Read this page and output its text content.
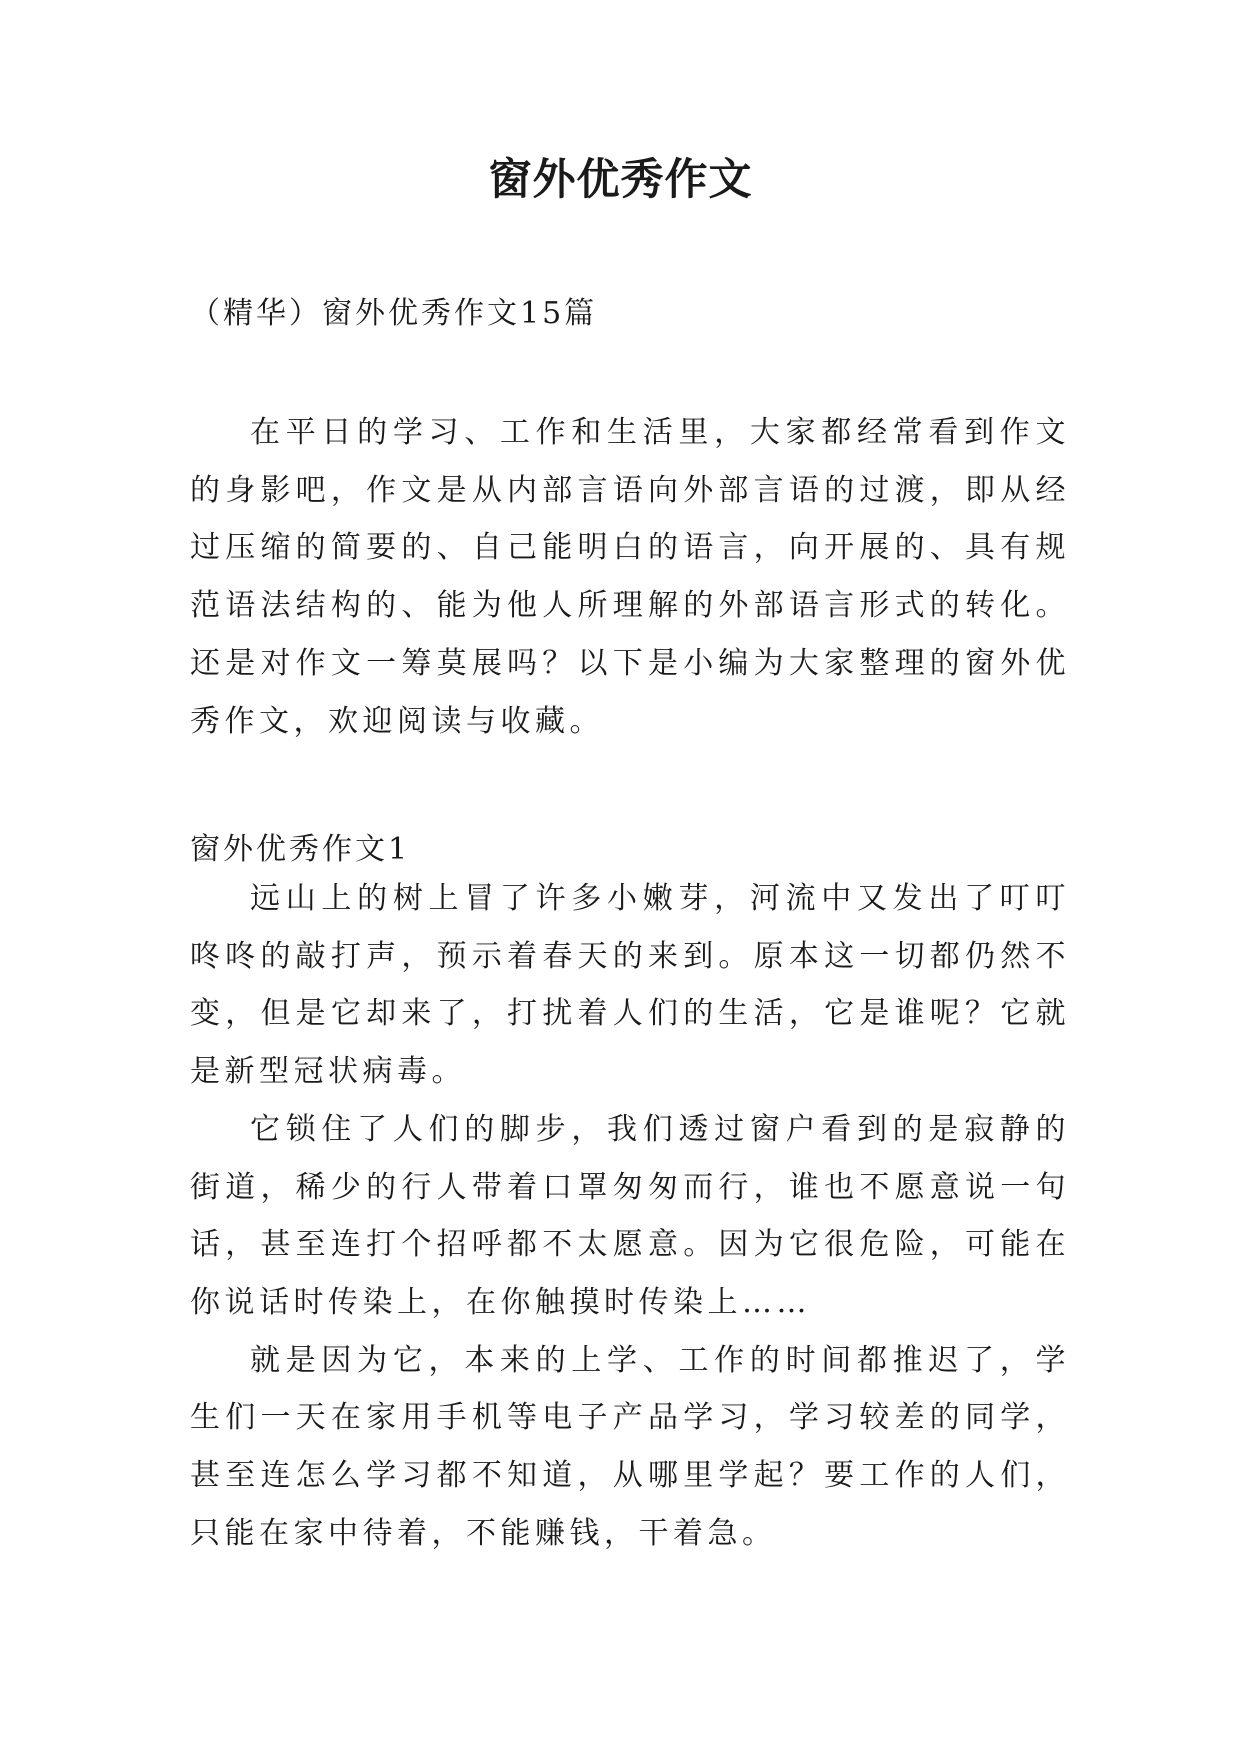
窗外优秀作文
（精华）窗外优秀作文15篇

在平日的学习、工作和生活里，大家都经常看到作文的身影吧，作文是从内部言语向外部言语的过渡，即从经过压缩的简要的、自己能明白的语言，向开展的、具有规范语法结构的、能为他人所理解的外部语言形式的转化。还是对作文一筹莫展吗？以下是小编为大家整理的窗外优秀作文，欢迎阅读与收藏。

窗外优秀作文1

远山上的树上冒了许多小嫩芽，河流中又发出了叮叮咚咚的敲打声，预示着春天的来到。原本这一切都仍然不变，但是它却来了，打扰着人们的生活，它是谁呢？它就是新型冠状病毒。

它锁住了人们的脚步，我们透过窗户看到的是寂静的街道，稀少的行人带着口罩匆匆而行，谁也不愿意说一句话，甚至连打个招呼都不太愿意。因为它很危险，可能在你说话时传染上，在你触摸时传染上……

就是因为它，本来的上学、工作的时间都推迟了，学生们一天在家用手机等电子产品学习，学习较差的同学，甚至连怎么学习都不知道，从哪里学起？要工作的人们，只能在家中待着，不能赚钱，干着急。
